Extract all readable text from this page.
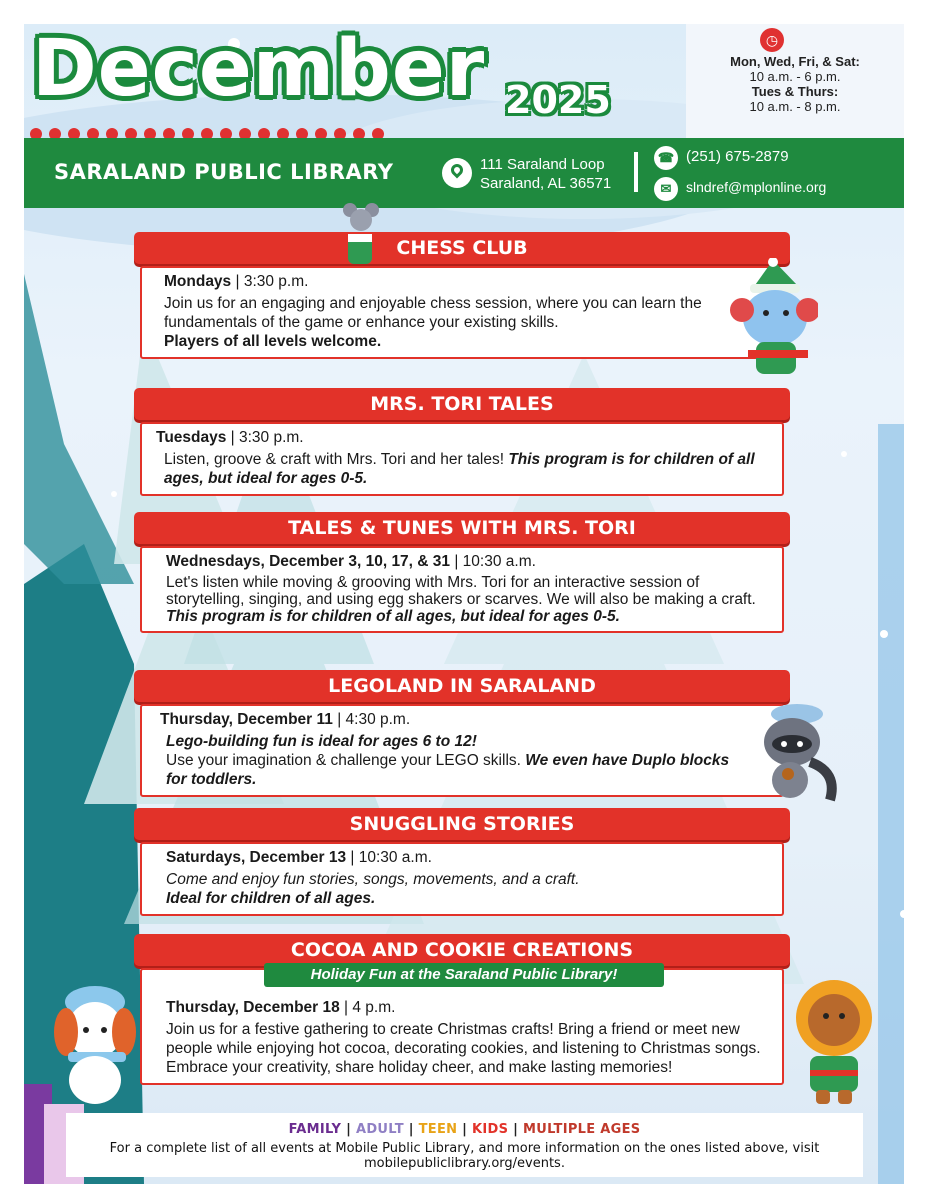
December 2025
Mon, Wed, Fri, & Sat:
10 a.m. - 6 p.m.
Tues & Thurs:
10 a.m. - 8 p.m.
◷
SARALAND PUBLIC LIBRARY	111 Saraland Loop
Saraland, AL 36571
☎ (251) 675-2879
✉	slndref@mplonline.org
CHESS CLUB
Mondays | 3:30 p.m.
Join us for an engaging and enjoyable chess session, where you can learn the fundamentals of the game or enhance your existing skills.
Players of all levels welcome.
MRS. TORI TALES
Tuesdays | 3:30 p.m.
Listen, groove & craft with Mrs. Tori and her tales! This program is for children of all ages, but ideal for ages 0-5.
TALES & TUNES WITH MRS. TORI
Wednesdays, December 3, 10, 17, & 31 | 10:30 a.m.
Let's listen while moving & grooving with Mrs. Tori for an interactive session of storytelling, singing, and using egg shakers or scarves. We will also be making a craft. This program is for children of all ages, but ideal for ages 0-5.
LEGOLAND IN SARALAND
Thursday, December 11 | 4:30 p.m.
Lego-building fun is ideal for ages 6 to 12!
Use your imagination & challenge your LEGO skills. We even have Duplo blocks for toddlers.
SNUGGLING STORIES
Saturdays, December 13 | 10:30 a.m.
Come and enjoy fun stories, songs, movements, and a craft.
Ideal for children of all ages.
COCOA AND COOKIE CREATIONS
Thursday, December 18 | 4 p.m.
Join us for a festive gathering to create Christmas crafts! Bring a friend or meet new people while enjoying hot cocoa, decorating cookies, and listening to Christmas songs. Embrace your creativity, share holiday cheer, and make lasting memories!
Holiday Fun at the Saraland Public Library!
FAMILY | ADULT | TEEN | KIDS | MULTIPLE AGES
For a complete list of all events at Mobile Public Library, and more information on the ones listed above, visit mobilepubliclibrary.org/events.
